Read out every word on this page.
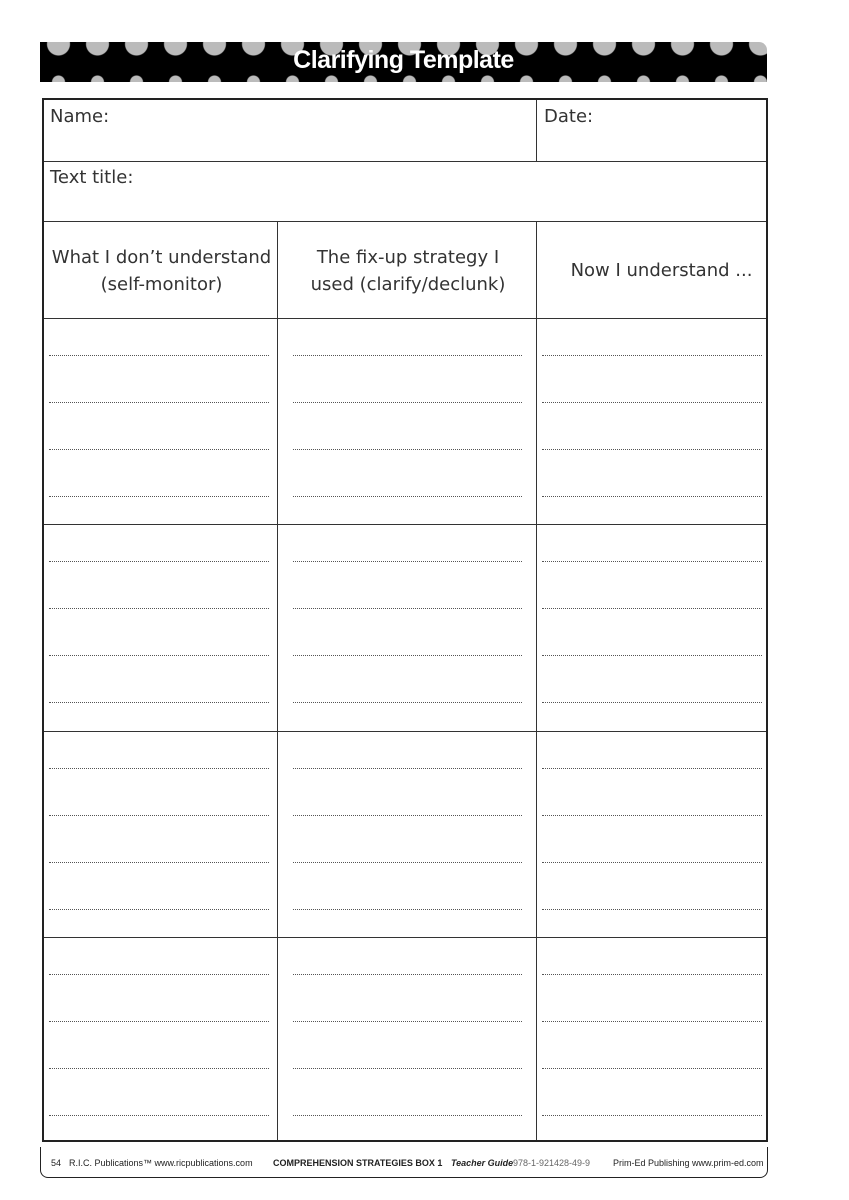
Clarifying Template
Name:	Date:
Text title:
What I don’t understand (self-monitor)
The fix-up strategy I used (clarify/declunk)
Now I understand ...
54 R.I.C. Publications™ www.ricpublications.com COMPREHENSION STRATEGIES BOX 1 Teacher Guide 978-1-921428-49-9	Prim-Ed Publishing www.prim-ed.com
